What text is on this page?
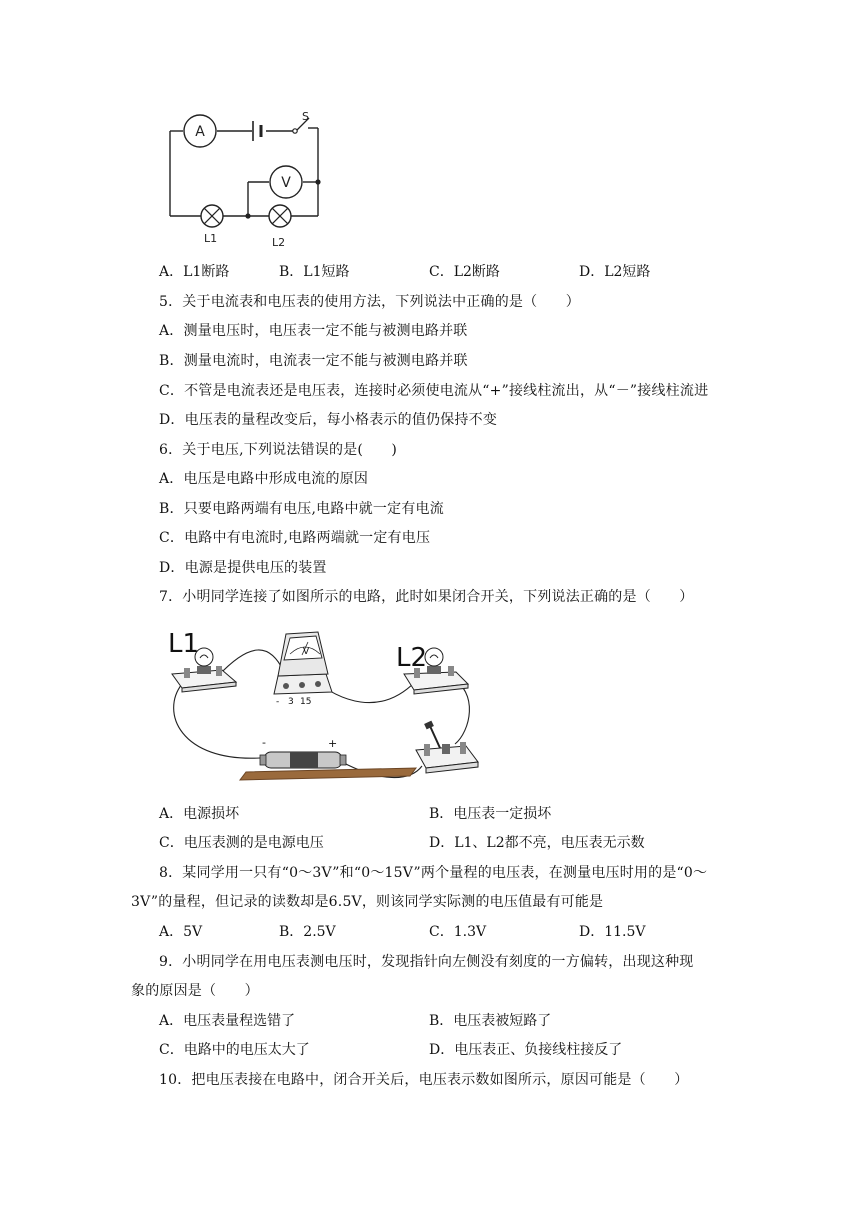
A
V
S
L1	L2
A．L1断路	B．L1短路	C．L2断路	D．L2短路
5．关于电流表和电压表的使用方法，下列说法中正确的是（　　）
A．测量电压时，电压表一定不能与被测电路并联
B．测量电流时，电流表一定不能与被测电路并联
C．不管是电流表还是电压表，连接时必须使电流从“+”接线柱流出，从“－”接线柱流进
D．电压表的量程改变后，每小格表示的值仍保持不变
6．关于电压,下列说法错误的是(　　)
A．电压是电路中形成电流的原因
B．只要电路两端有电压,电路中就一定有电流
C．电路中有电流时,电路两端就一定有电压
D．电源是提供电压的装置
7．小明同学连接了如图所示的电路，此时如果闭合开关，下列说法正确的是（　　）
L1	V
- 3 15
L2
-	+
A．电源损坏	B．电压表一定损坏
C．电压表测的是电源电压	D．L1、L2都不亮，电压表无示数
8．某同学用一只有“0～3V”和“0～15V”两个量程的电压表，在测量电压时用的是“0～
3V”的量程，但记录的读数却是6.5V，则该同学实际测的电压值最有可能是
A．5V	B．2.5V	C．1.3V	D．11.5V
9．小明同学在用电压表测电压时，发现指针向左侧没有刻度的一方偏转，出现这种现
象的原因是（　　）
A．电压表量程选错了	B．电压表被短路了
C．电路中的电压太大了	D．电压表正、负接线柱接反了
10．把电压表接在电路中，闭合开关后，电压表示数如图所示，原因可能是（　　）
